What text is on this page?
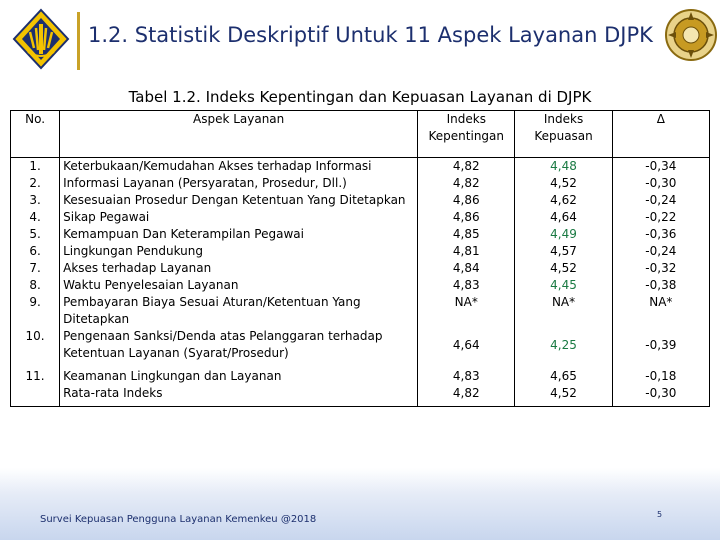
1.2. Statistik Deskriptif Untuk 11 Aspek Layanan DJPK
Tabel 1.2. Indeks Kepentingan dan Kepuasan Layanan di DJPK
No.	Aspek Layanan	Indeks Kepentingan	Indeks Kepuasan	Δ
1.	Keterbukaan/Kemudahan Akses terhadap Informasi	4,82	4,48	-0,34
2.	Informasi Layanan (Persyaratan, Prosedur, Dll.)	4,82	4,52	-0,30
3.	Kesesuaian Prosedur Dengan Ketentuan Yang Ditetapkan	4,86	4,62	-0,24
4.	Sikap Pegawai	4,86	4,64	-0,22
5.	Kemampuan Dan Keterampilan Pegawai	4,85	4,49	-0,36
6.	Lingkungan Pendukung	4,81	4,57	-0,24
7.	Akses terhadap Layanan	4,84	4,52	-0,32
8.	Waktu Penyelesaian Layanan	4,83	4,45	-0,38
9.	Pembayaran Biaya Sesuai Aturan/Ketentuan Yang Ditetapkan	NA*	NA*	NA*
10.	Pengenaan Sanksi/Denda atas Pelanggaran terhadap Ketentuan Layanan (Syarat/Prosedur)	4,64	4,25	-0,39
11.	Keamanan Lingkungan dan Layanan	4,83	4,65	-0,18
	Rata-rata Indeks	4,82	4,52	-0,30
Survei Kepuasan Pengguna Layanan Kemenkeu @2018	5
